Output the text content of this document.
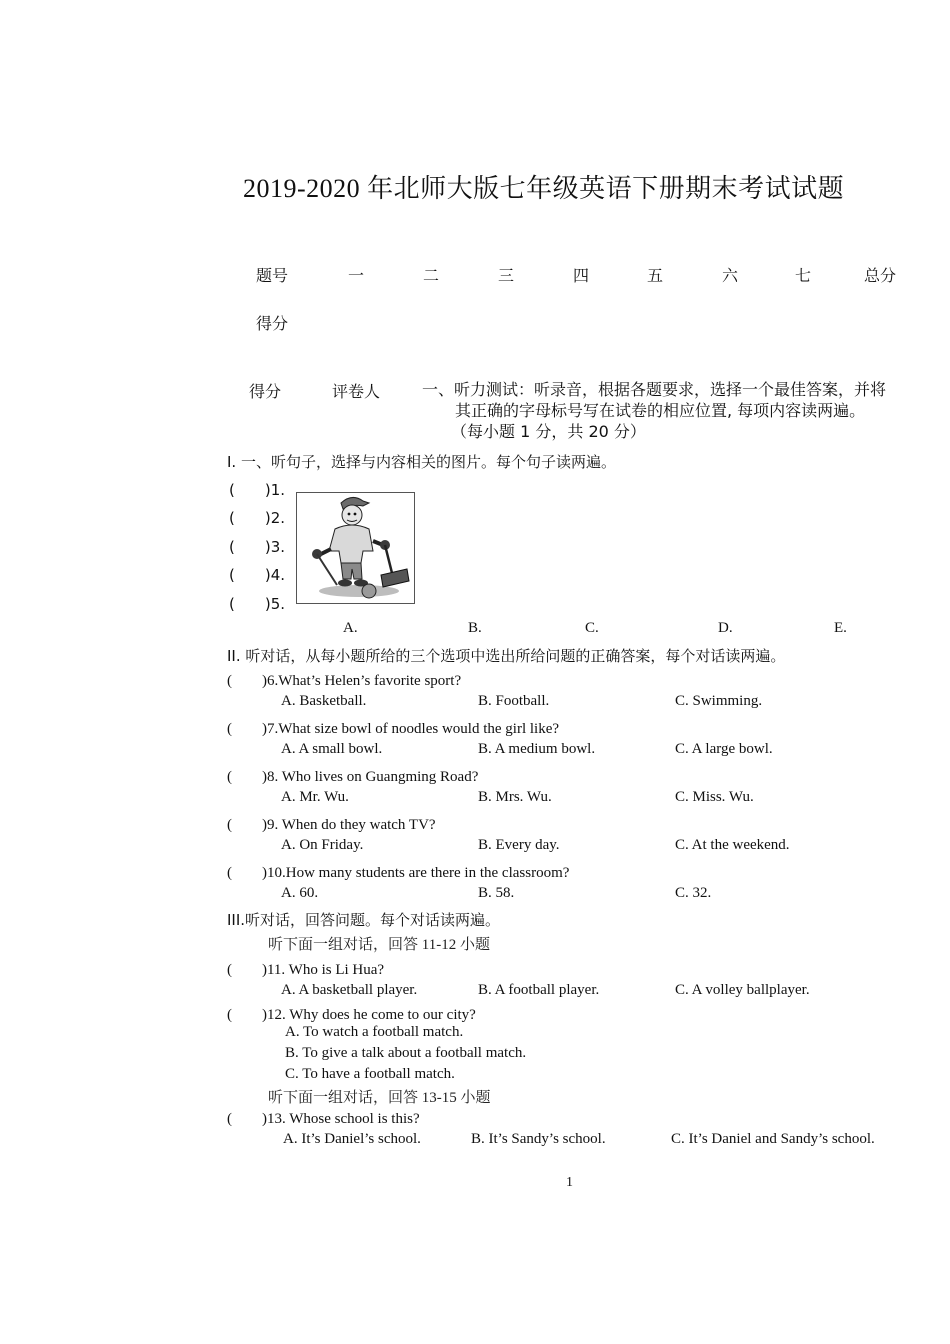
2019-2020 年北师大版七年级英语下册期末考试试题
题号	一	二	三	四	五	六	七	总分
得分
得分	评卷人	一、听力测试：听录音，根据各题要求，选择一个最佳答案，并将
其正确的字母标号写在试卷的相应位置, 每项内容读两遍。
（每小题 1 分，共 20 分）
I. 一、听句子，选择与内容相关的图片。每个句子读两遍。
(　　)1.
(　　)2.
(　　)3.
(　　)4.
(　　)5.
A.	B.	C.	D.	E.
II. 听对话，从每小题所给的三个选项中选出所给问题的正确答案，每个对话读两遍。
(　　)6.What’s Helen’s favorite sport?
A. Basketball.	B. Football.	C. Swimming.
(　　)7.What size bowl of noodles would the girl like?
A. A small bowl.	B. A medium bowl.	C. A large bowl.
(　　)8. Who lives on Guangming Road?
A. Mr. Wu.	B. Mrs. Wu.	C. Miss. Wu.
(　　)9. When do they watch TV?
A. On Friday.	B. Every day.	C. At the weekend.
(　　)10.How many students are there in the classroom?
A. 60.	B. 58.	C. 32.
III.听对话，回答问题。每个对话读两遍。
听下面一组对话，回答 11-12 小题
(　　)11. Who is Li Hua?
A. A basketball player.	B. A football player.	C. A volley ballplayer.
(　　)12. Why does he come to our city?
A. To watch a football match.
B. To give a talk about a football match.
C. To have a football match.
听下面一组对话，回答 13-15 小题
(　　)13. Whose school is this?
A. It’s Daniel’s school.	B. It’s Sandy’s school.	C. It’s Daniel and Sandy’s school.
1
